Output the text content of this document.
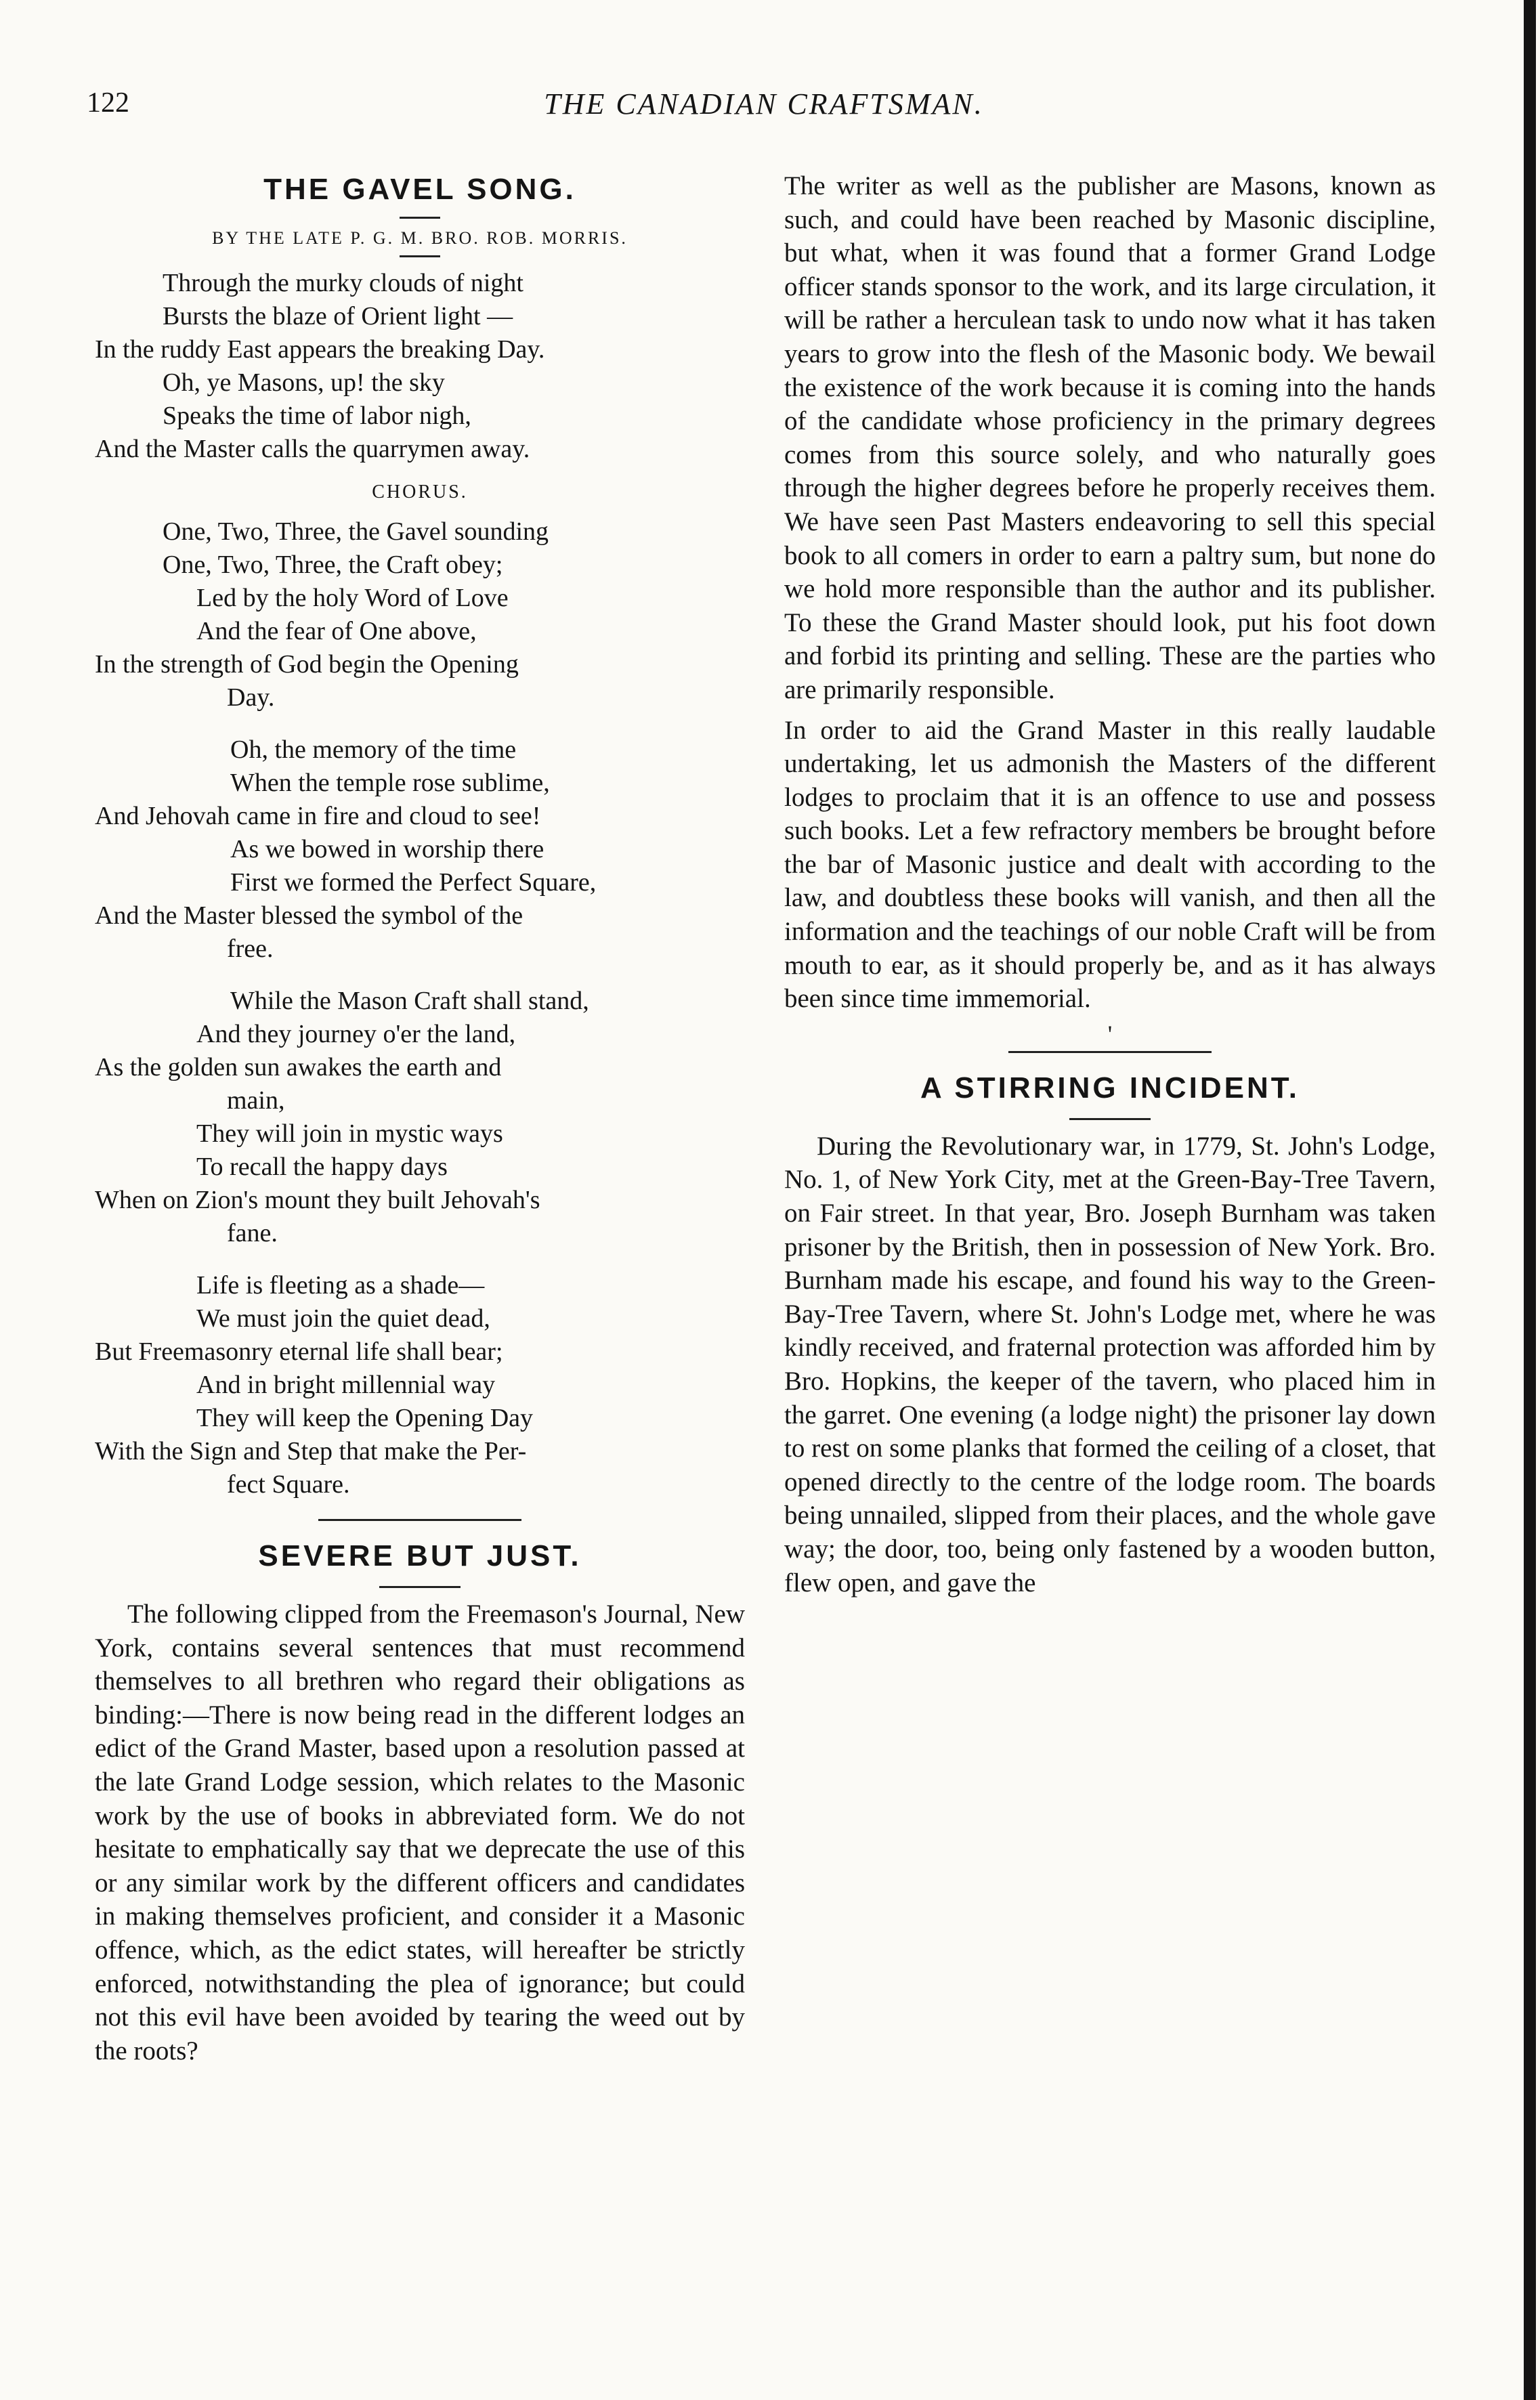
122	THE CANADIAN CRAFTSMAN.
THE GAVEL SONG.
BY THE LATE P. G. M. BRO. ROB. MORRIS.

Through the murky clouds of night

Bursts the blaze of Orient light —

In the ruddy East appears the breaking Day.

Oh, ye Masons, up! the sky

Speaks the time of labor nigh,

And the Master calls the quarrymen away.

CHORUS.

One, Two, Three, the Gavel sounding

One, Two, Three, the Craft obey;

Led by the holy Word of Love

And the fear of One above,

In the strength of God begin the Opening

Day.

Oh, the memory of the time

When the temple rose sublime,

And Jehovah came in fire and cloud to see!

As we bowed in worship there

First we formed the Perfect Square,

And the Master blessed the symbol of the

free.

While the Mason Craft shall stand,

And they journey o'er the land,

As the golden sun awakes the earth and

main,

They will join in mystic ways

To recall the happy days

When on Zion's mount they built Jehovah's

fane.

Life is fleeting as a shade—

We must join the quiet dead,

But Freemasonry eternal life shall bear;

And in bright millennial way

They will keep the Opening Day

With the Sign and Step that make the Per-

fect Square.

SEVERE BUT JUST.

The following clipped from the Freemason's Journal, New York, contains several sentences that must recommend themselves to all brethren who regard their obligations as binding:—There is now being read in the different lodges an edict of the Grand Master, based upon a resolution passed at the late Grand Lodge session, which relates to the Masonic work by the use of books in abbreviated form. We do not hesitate to emphatically say that we deprecate the use of this or any similar work by the different officers and candidates in making themselves proficient, and consider it a Masonic offence, which, as the edict states, will hereafter be strictly enforced, notwithstanding the plea of ignorance; but could not this evil have been avoided by tearing the weed out by the roots?

The writer as well as the publisher are Masons, known as such, and could have been reached by Masonic discipline, but what, when it was found that a former Grand Lodge officer stands sponsor to the work, and its large circulation, it will be rather a herculean task to undo now what it has taken years to grow into the flesh of the Masonic body. We bewail the existence of the work because it is coming into the hands of the candidate whose proficiency in the primary degrees comes from this source solely, and who naturally goes through the higher degrees before he properly receives them. We have seen Past Masters endeavoring to sell this special book to all comers in order to earn a paltry sum, but none do we hold more responsible than the author and its publisher. To these the Grand Master should look, put his foot down and forbid its printing and selling. These are the parties who are primarily responsible.

In order to aid the Grand Master in this really laudable undertaking, let us admonish the Masters of the different lodges to proclaim that it is an offence to use and possess such books. Let a few refractory members be brought before the bar of Masonic justice and dealt with according to the law, and doubtless these books will vanish, and then all the information and the teachings of our noble Craft will be from mouth to ear, as it should properly be, and as it has always been since time immemorial.

'
A STIRRING INCIDENT.

During the Revolutionary war, in 1779, St. John's Lodge, No. 1, of New York City, met at the Green-Bay-Tree Tavern, on Fair street. In that year, Bro. Joseph Burnham was taken prisoner by the British, then in possession of New York. Bro. Burnham made his escape, and found his way to the Green-Bay-Tree Tavern, where St. John's Lodge met, where he was kindly received, and fraternal protection was afforded him by Bro. Hopkins, the keeper of the tavern, who placed him in the garret. One evening (a lodge night) the prisoner lay down to rest on some planks that formed the ceiling of a closet, that opened directly to the centre of the lodge room. The boards being unnailed, slipped from their places, and the whole gave way; the door, too, being only fastened by a wooden button, flew open, and gave the
